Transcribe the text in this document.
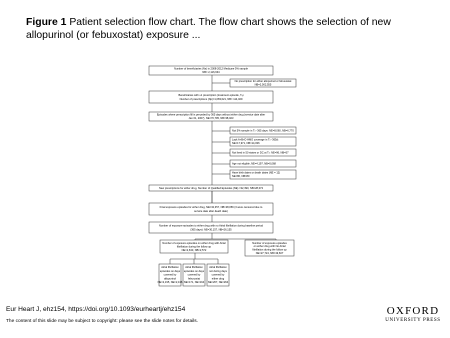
Figure 1 Patient selection flow chart. The flow chart shows the selection of new allopurinol (or febuxostat) exposure ...
Number of beneficiaries (Ns) in 2008-2012 Medicare 5% sample
NB= 2,116,934
No prescription for either allopurinol or febuxostat
NB=2,002,555
Beneficiaries with ≥1 prescription (treatment episode, Tₑ)
Number of prescriptions (Np)=1,083,021, NB= 114,029
Episodes where prescription fill is preceded by 365 days without either drug (service date after
Jan 01, 2007), NE=70,795, NB=38,023
Not 5% sample in Tₑ -365 days: NE=8,060, NB=6,770
Lack A+B+D HMO coverage in Tₑ -365d:
NE=17,971, NB=14,036
Not lived in 50 states or DC at Tₑ: NE=96, NB=57
Age not eligible, NE=4,197, NB=5,068
Have birth dates or death dates (NE = 12)
NE=86, NB=80
New prescriptions for either drug, Number of Qualified Episodes (NE) =32,390, NB=28,072
Final exposure episodes for either drug, NE=32,357, NB=28,059 (3 were censored due to
service date after death date)
Number of exposure episodes to either drug with no Atrial fibrillation during baseline period
(365 days): NE=30,157, NB=26,155
Number of exposure episodes on either drug with Atrial
fibrillation during the follow up
NE=2,633, NB=2,572
Number of exposure episodes
on either drug with No Atrial
fibrillation during the follow up
NE=27,724, NB=19,607
Atrial fibrillation
episodes on days
covered by
allopurinol
NE=2,195, NE=2,136
Atrial fibrillation
episodes on days
covered by
febuxostat
NE=171, NE=164
Atrial fibrillation
not during days
covered by
either drug
NE=267, NE=264
Eur Heart J, ehz154, https://doi.org/10.1093/eurheartj/ehz154
The content of this slide may be subject to copyright: please see the slide notes for details.
OXFORD
UNIVERSITY PRESS
